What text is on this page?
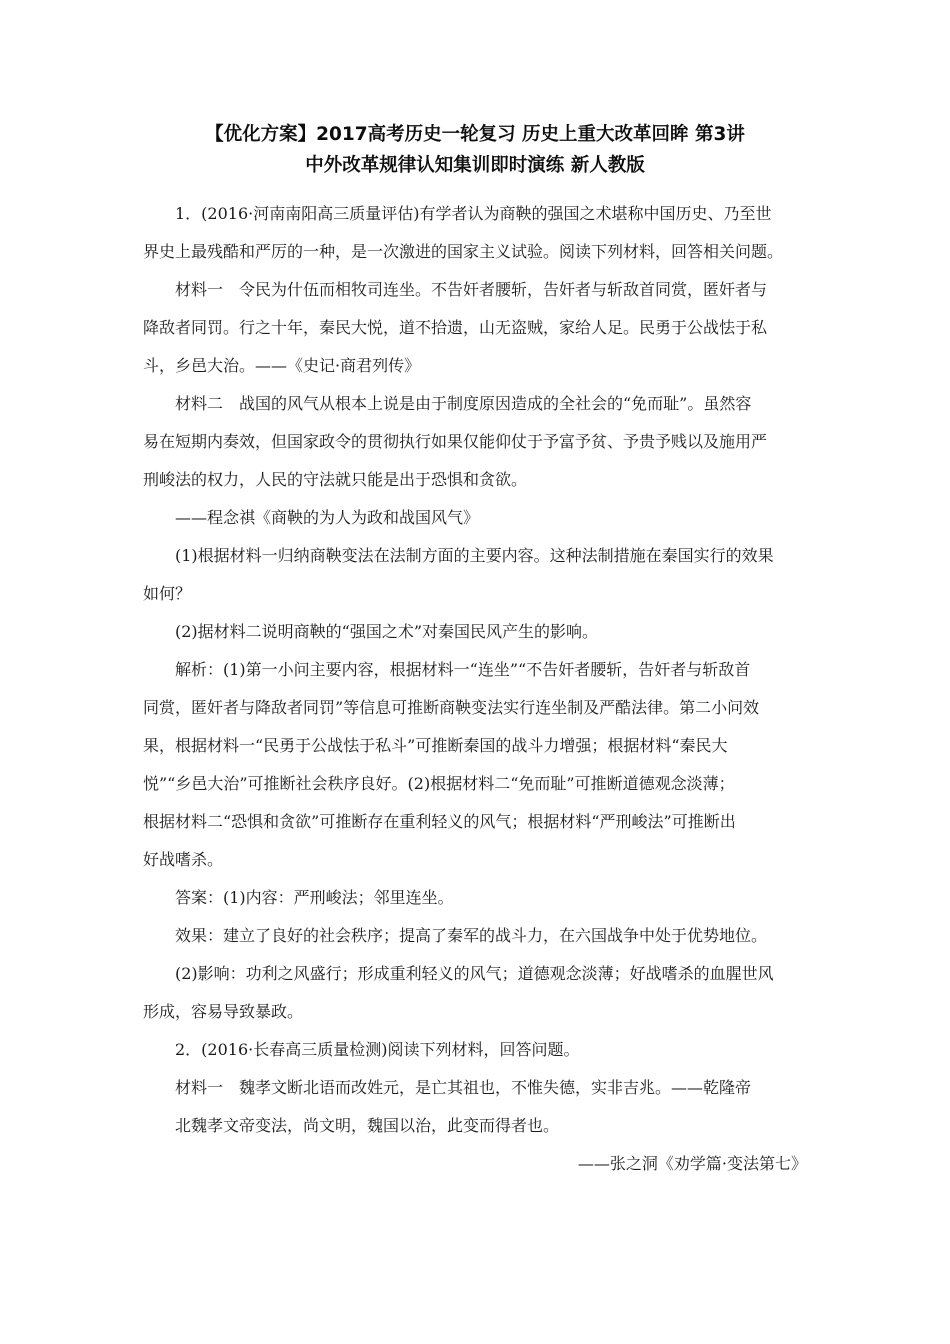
【优化方案】2017高考历史一轮复习 历史上重大改革回眸 第3讲
中外改革规律认知集训即时演练 新人教版
1．(2016·河南南阳高三质量评估)有学者认为商鞅的强国之术堪称中国历史、乃至世
界史上最残酷和严厉的一种，是一次激进的国家主义试验。阅读下列材料，回答相关问题。
材料一　令民为什伍而相牧司连坐。不告奸者腰斩，告奸者与斩敌首同赏，匿奸者与
降敌者同罚。行之十年，秦民大悦，道不拾遗，山无盗贼，家给人足。民勇于公战怯于私
斗，乡邑大治。——《史记·商君列传》
材料二　战国的风气从根本上说是由于制度原因造成的全社会的“免而耻”。虽然容
易在短期内奏效，但国家政令的贯彻执行如果仅能仰仗于予富予贫、予贵予贱以及施用严
刑峻法的权力，人民的守法就只能是出于恐惧和贪欲。
——程念祺《商鞅的为人为政和战国风气》
(1)根据材料一归纳商鞅变法在法制方面的主要内容。这种法制措施在秦国实行的效果
如何？
(2)据材料二说明商鞅的“强国之术”对秦国民风产生的影响。
解析：(1)第一小问主要内容，根据材料一“连坐”“不告奸者腰斩，告奸者与斩敌首
同赏，匿奸者与降敌者同罚”等信息可推断商鞅变法实行连坐制及严酷法律。第二小问效
果，根据材料一“民勇于公战怯于私斗”可推断秦国的战斗力增强；根据材料“秦民大
悦”“乡邑大治”可推断社会秩序良好。(2)根据材料二“免而耻”可推断道德观念淡薄；
根据材料二“恐惧和贪欲”可推断存在重利轻义的风气；根据材料“严刑峻法”可推断出
好战嗜杀。
答案：(1)内容：严刑峻法；邻里连坐。
效果：建立了良好的社会秩序；提高了秦军的战斗力，在六国战争中处于优势地位。
(2)影响：功利之风盛行；形成重利轻义的风气；道德观念淡薄；好战嗜杀的血腥世风
形成，容易导致暴政。
2．(2016·长春高三质量检测)阅读下列材料，回答问题。
材料一　魏孝文断北语而改姓元，是亡其祖也，不惟失德，实非吉兆。——乾隆帝
北魏孝文帝变法，尚文明，魏国以治，此变而得者也。
——张之洞《劝学篇·变法第七》
